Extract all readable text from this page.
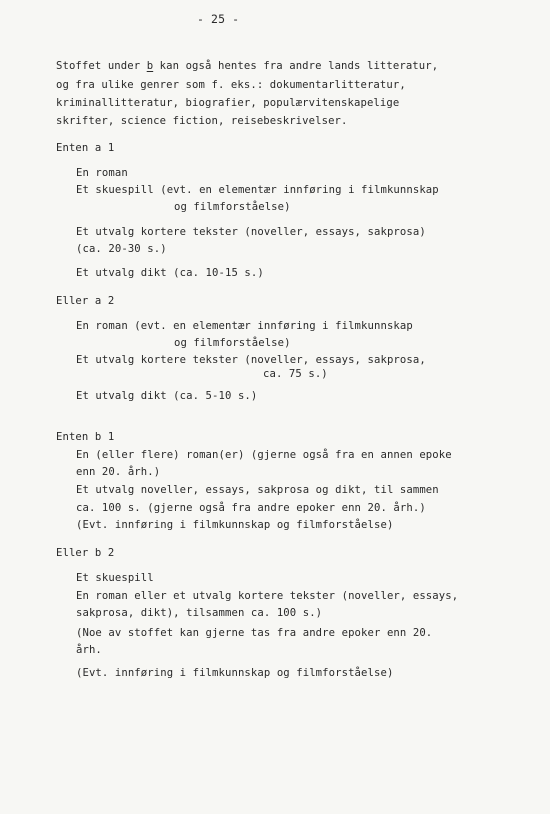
- 25 -
Stoffet under b kan også hentes fra andre lands litteratur,
og fra ulike genrer som f. eks.: dokumentarlitteratur,
kriminallitteratur, biografier, populærvitenskapelige
skrifter, science fiction, reisebeskrivelser.
Enten a 1
En roman
Et skuespill (evt. en elementær innføring i filmkunnskap
og filmforståelse)
Et utvalg kortere tekster (noveller, essays, sakprosa)
(ca. 20-30 s.)
Et utvalg dikt (ca. 10-15 s.)
Eller a 2
En roman (evt. en elementær innføring i filmkunnskap
og filmforståelse)
Et utvalg kortere tekster (noveller, essays, sakprosa,
ca. 75 s.)
Et utvalg dikt (ca. 5-10 s.)
Enten b 1
En (eller flere) roman(er) (gjerne også fra en annen epoke
enn 20. årh.)
Et utvalg noveller, essays, sakprosa og dikt, til sammen
ca. 100 s. (gjerne også fra andre epoker enn 20. årh.)
(Evt. innføring i filmkunnskap og filmforståelse)
Eller b 2
Et skuespill
En roman eller et utvalg kortere tekster (noveller, essays,
sakprosa, dikt), tilsammen ca. 100 s.)
(Noe av stoffet kan gjerne tas fra andre epoker enn 20.
årh.
(Evt. innføring i filmkunnskap og filmforståelse)
